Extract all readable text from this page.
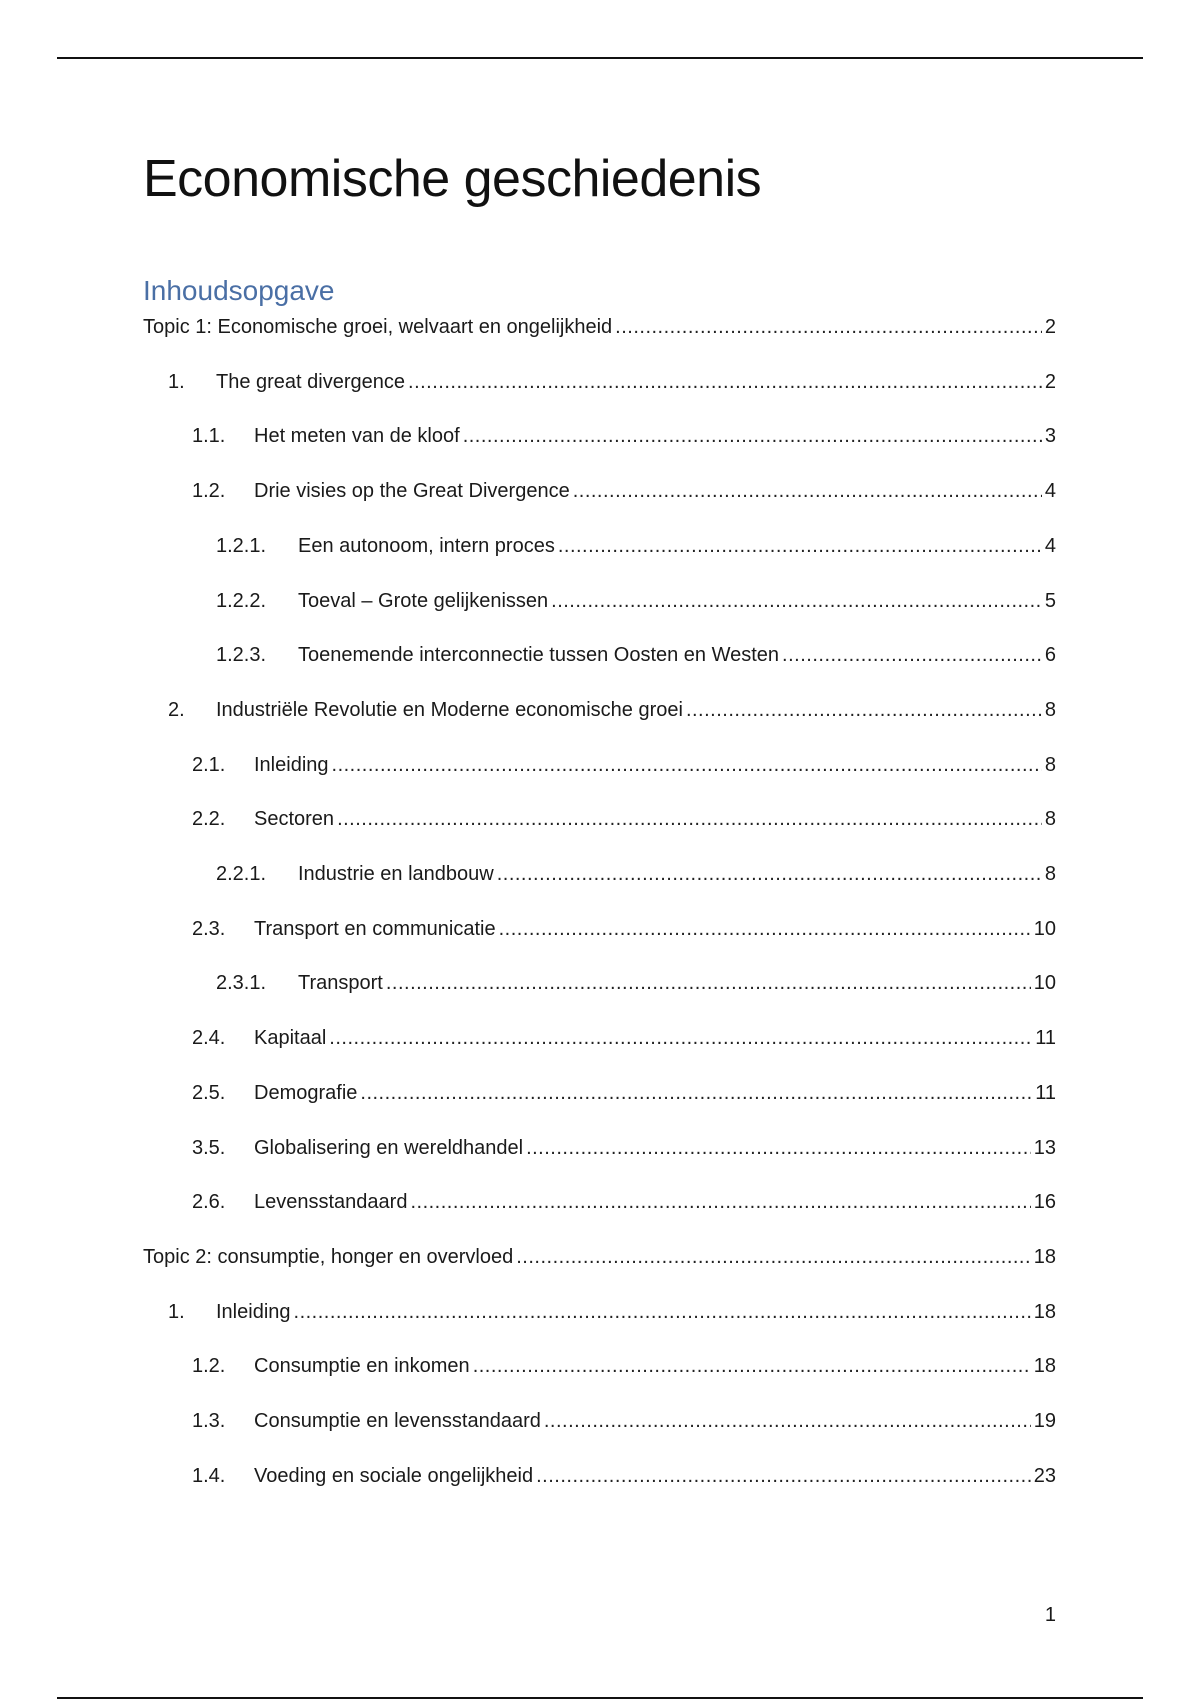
Economische geschiedenis
Inhoudsopgave
Topic 1: Economische groei, welvaart en ongelijkheid .....	2
1. The great divergence .....	2
1.1. Het meten van de kloof .....	3
1.2. Drie visies op the Great Divergence .....	4
1.2.1. Een autonoom, intern proces .....	4
1.2.2. Toeval – Grote gelijkenissen .....	5
1.2.3. Toenemende interconnectie tussen Oosten en Westen .....	6
2. Industriële Revolutie en Moderne economische groei .....	8
2.1. Inleiding .....	8
2.2. Sectoren .....	8
2.2.1. Industrie en landbouw .....	8
2.3. Transport en communicatie .....	10
2.3.1. Transport .....	10
2.4. Kapitaal .....	11
2.5. Demografie .....	11
3.5. Globalisering en wereldhandel .....	13
2.6. Levensstandaard .....	16
Topic 2: consumptie, honger en overvloed .....	18
1. Inleiding .....	18
1.2. Consumptie en inkomen .....	18
1.3. Consumptie en levensstandaard .....	19
1.4. Voeding en sociale ongelijkheid .....	23
1
